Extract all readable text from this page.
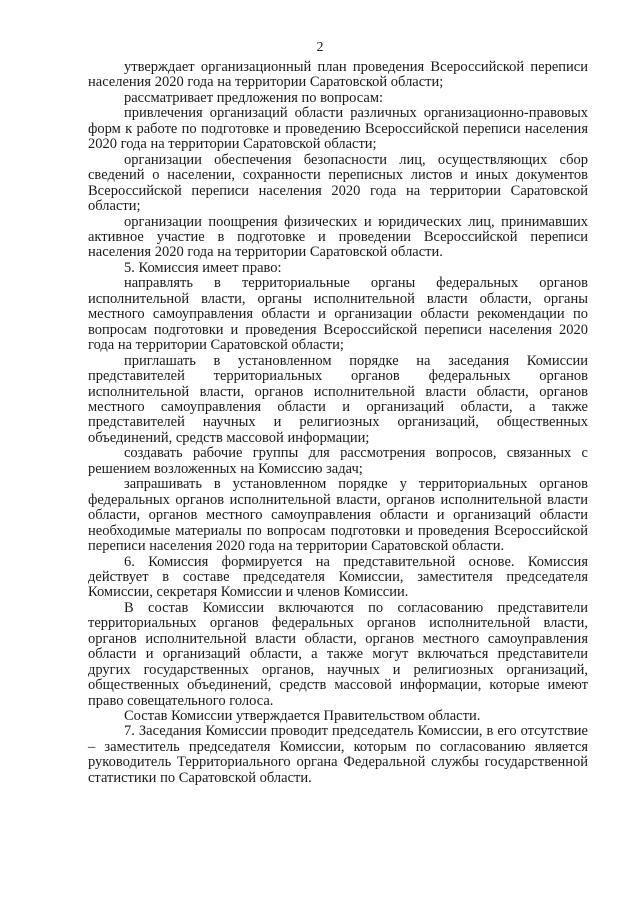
2

утверждает организационный план проведения Всероссийской переписи населения 2020 года на территории Саратовской области;

рассматривает предложения по вопросам:

привлечения организаций области различных организационно-правовых форм к работе по подготовке и проведению Всероссийской переписи населения 2020 года на территории Саратовской области;

организации обеспечения безопасности лиц, осуществляющих сбор сведений о населении, сохранности переписных листов и иных документов Всероссийской переписи населения 2020 года на территории Саратовской области;

организации поощрения физических и юридических лиц, принимавших активное участие в подготовке и проведении Всероссийской переписи населения 2020 года на территории Саратовской области.

5. Комиссия имеет право:

направлять в территориальные органы федеральных органов исполнительной власти, органы исполнительной власти области, органы местного самоуправления области и организации области рекомендации по вопросам подготовки и проведения Всероссийской переписи населения 2020 года на территории Саратовской области;

приглашать в установленном порядке на заседания Комиссии представителей территориальных органов федеральных органов исполнительной власти, органов исполнительной власти области, органов местного самоуправления области и организаций области, а также представителей научных и религиозных организаций, общественных объединений, средств массовой информации;

создавать рабочие группы для рассмотрения вопросов, связанных с решением возложенных на Комиссию задач;

запрашивать в установленном порядке у территориальных органов федеральных органов исполнительной власти, органов исполнительной власти области, органов местного самоуправления области и организаций области необходимые материалы по вопросам подготовки и проведения Всероссийской переписи населения 2020 года на территории Саратовской области.

6. Комиссия формируется на представительной основе. Комиссия действует в составе председателя Комиссии, заместителя председателя Комиссии, секретаря Комиссии и членов Комиссии.

В состав Комиссии включаются по согласованию представители территориальных органов федеральных органов исполнительной власти, органов исполнительной власти области, органов местного самоуправления области и организаций области, а также могут включаться представители других государственных органов, научных и религиозных организаций, общественных объединений, средств массовой информации, которые имеют право совещательного голоса.

Состав Комиссии утверждается Правительством области.

7. Заседания Комиссии проводит председатель Комиссии, в его отсутствие – заместитель председателя Комиссии, которым по согласованию является руководитель Территориального органа Федеральной службы государственной статистики по Саратовской области.
